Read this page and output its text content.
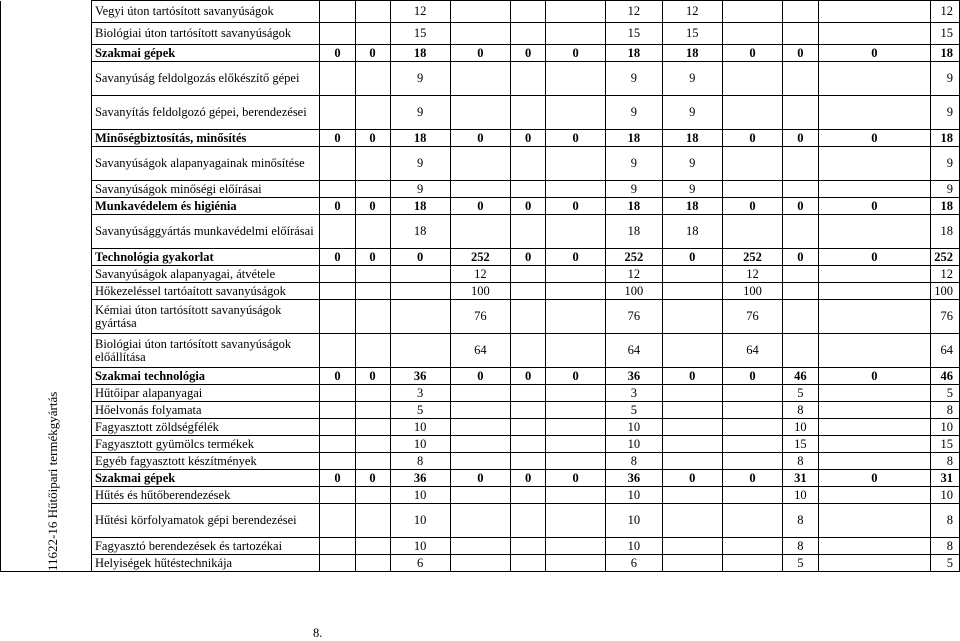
11622-16 Hűtőipari termékgyártás	Vegyi úton tartósított savanyúságok			12				12	12				12
	Biológiai úton tartósított savanyúságok			15				15	15				15
	Szakmai gépek	0	0	18	0	0	0	18	18	0	0	0	18
	Savanyúság feldolgozás előkészítő gépei			9				9	9				9
	Savanyítás feldolgozó gépei, berendezései			9				9	9				9
	Minőségbiztosítás, minősítés	0	0	18	0	0	0	18	18	0	0	0	18
	Savanyúságok alapanyagainak minősítése			9				9	9				9
	Savanyúságok minőségi előírásai			9				9	9				9
	Munkavédelem és higiénia	0	0	18	0	0	0	18	18	0	0	0	18
	Savanyúsággyártás munkavédelmi előírásai			18				18	18				18
	Technológia gyakorlat	0	0	0	252	0	0	252	0	252	0	0	252
	Savanyúságok alapanyagai, átvétele				12			12		12			12
	Hőkezeléssel tartóaított savanyúságok				100			100		100			100
	Kémiai úton tartósított savanyúságok gyártása				76			76		76			76
	Biológiai úton tartósított savanyúságok előállítása				64			64		64			64
	Szakmai technológia	0	0	36	0	0	0	36	0	0	46	0	46
	Hűtőipar alapanyagai			3				3			5		5
	Hőelvonás folyamata			5				5			8		8
	Fagyasztott zöldségfélék			10				10			10		10
	Fagyasztott gyümölcs termékek			10				10			15		15
	Egyéb fagyasztott készítmények			8				8			8		8
	Szakmai gépek	0	0	36	0	0	0	36	0	0	31	0	31
	Hűtés és hűtőberendezések			10				10			10		10
	Hűtési körfolyamatok gépi berendezései			10				10			8		8
	Fagyasztó berendezések és tartozékai			10				10			8		8
	Helyiségek hűtéstechnikája			6				6			5		5
8.
